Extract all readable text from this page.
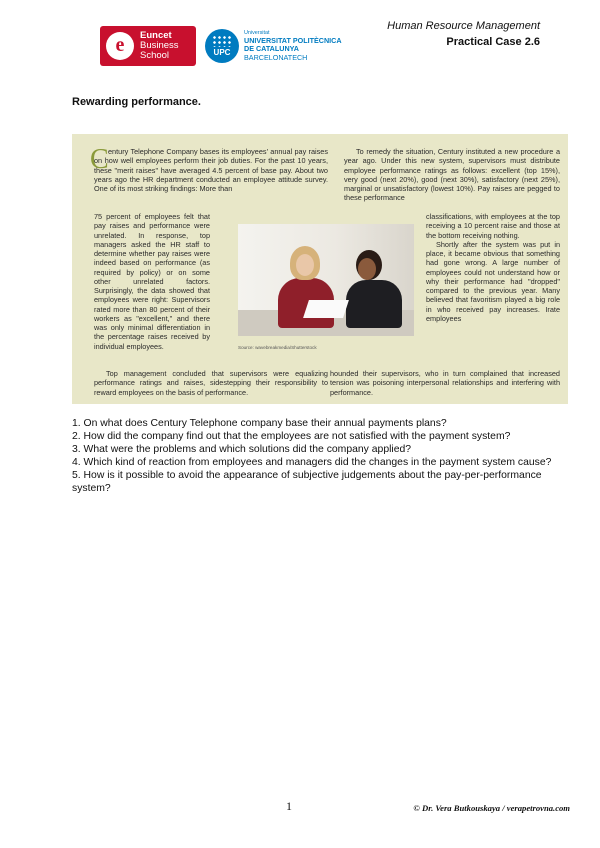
e	Euncet
Business
School	UPC
Universitat
UNIVERSITAT POLITÈCNICA
DE CATALUNYA
BARCELONATECH
Human Resource Management
Practical Case 2.6
Rewarding performance.
C entury Telephone Company bases its employees' annual pay raises on how well employees perform their job duties. For the past 10 years, these "merit raises" have averaged 4.5 percent of base pay. About two years ago the HR department conducted an employee attitude survey. One of its most striking findings: More than
75 percent of employees felt that pay raises and performance were unrelated. In response, top managers asked the HR staff to determine whether pay raises were indeed based on performance (as required by policy) or on some other unrelated factors. Surprisingly, the data showed that employees were right: Supervisors rated more than 80 percent of their workers as "excellent," and there was only minimal differentiation in the percentage raises received by individual employees.	Source: wavebreakmedia/Shutterstock
Top management concluded that supervisors were equalizing performance ratings and raises, sidestepping their responsibility to reward employees on the basis of performance.
To remedy the situation, Century instituted a new procedure a year ago. Under this new system, supervisors must distribute employee performance ratings as follows: excellent (top 15%), very good (next 20%), good (next 30%), satisfactory (next 25%), marginal or unsatisfactory (lowest 10%). Pay raises are pegged to these performance
classifications, with employees at the top receiving a 10 percent raise and those at the bottom receiving nothing.
Shortly after the system was put in place, it became obvious that something had gone wrong. A large number of employees could not understand how or why their performance had "dropped" compared to the previous year. Many believed that favoritism played a big role in who received pay increases. Irate employees
hounded their supervisors, who in turn complained that increased tension was poisoning interpersonal relationships and interfering with performance.
1. On what does Century Telephone company base their annual payments plans?
2. How did the company find out that the employees are not satisfied with the payment system?
3. What were the problems and which solutions did the company applied?
4. Which kind of reaction from employees and managers did the changes in the payment system cause?
5. How is it possible to avoid the appearance of subjective judgements about the pay-per-performance system?
1	© Dr. Vera Butkouskaya / verapetrovna.com
